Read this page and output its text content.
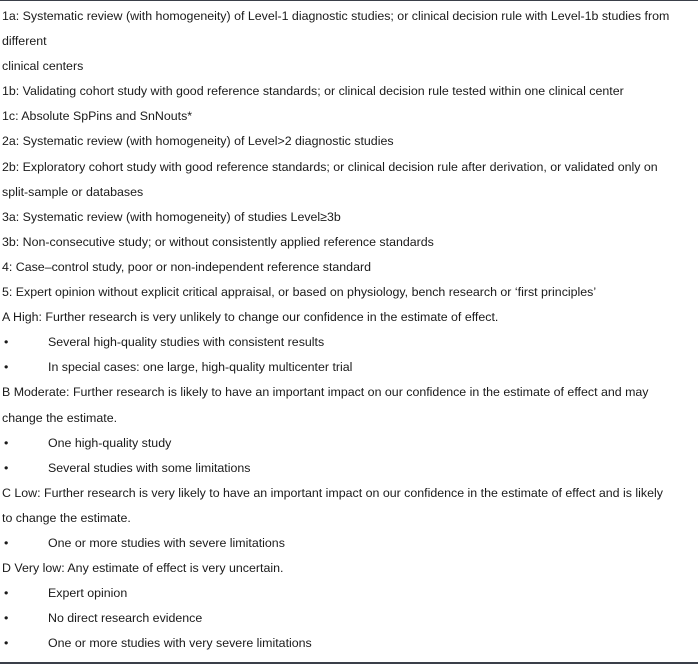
1a: Systematic review (with homogeneity) of Level-1 diagnostic studies; or clinical decision rule with Level-1b studies from
different
clinical centers
1b: Validating cohort study with good reference standards; or clinical decision rule tested within one clinical center
1c: Absolute SpPins and SnNouts*
2a: Systematic review (with homogeneity) of Level>2 diagnostic studies
2b: Exploratory cohort study with good reference standards; or clinical decision rule after derivation, or validated only on
split-sample or databases
3a: Systematic review (with homogeneity) of studies Level≥3b
3b: Non-consecutive study; or without consistently applied reference standards
4: Case–control study, poor or non-independent reference standard
5: Expert opinion without explicit critical appraisal, or based on physiology, bench research or ‘first principles’
A High: Further research is very unlikely to change our confidence in the estimate of effect.
•	Several high-quality studies with consistent results
•	In special cases: one large, high-quality multicenter trial
B Moderate: Further research is likely to have an important impact on our confidence in the estimate of effect and may
change the estimate.
•	One high-quality study
•	Several studies with some limitations
C Low: Further research is very likely to have an important impact on our confidence in the estimate of effect and is likely
to change the estimate.
•	One or more studies with severe limitations
D Very low: Any estimate of effect is very uncertain.
•	Expert opinion
•	No direct research evidence
•	One or more studies with very severe limitations
